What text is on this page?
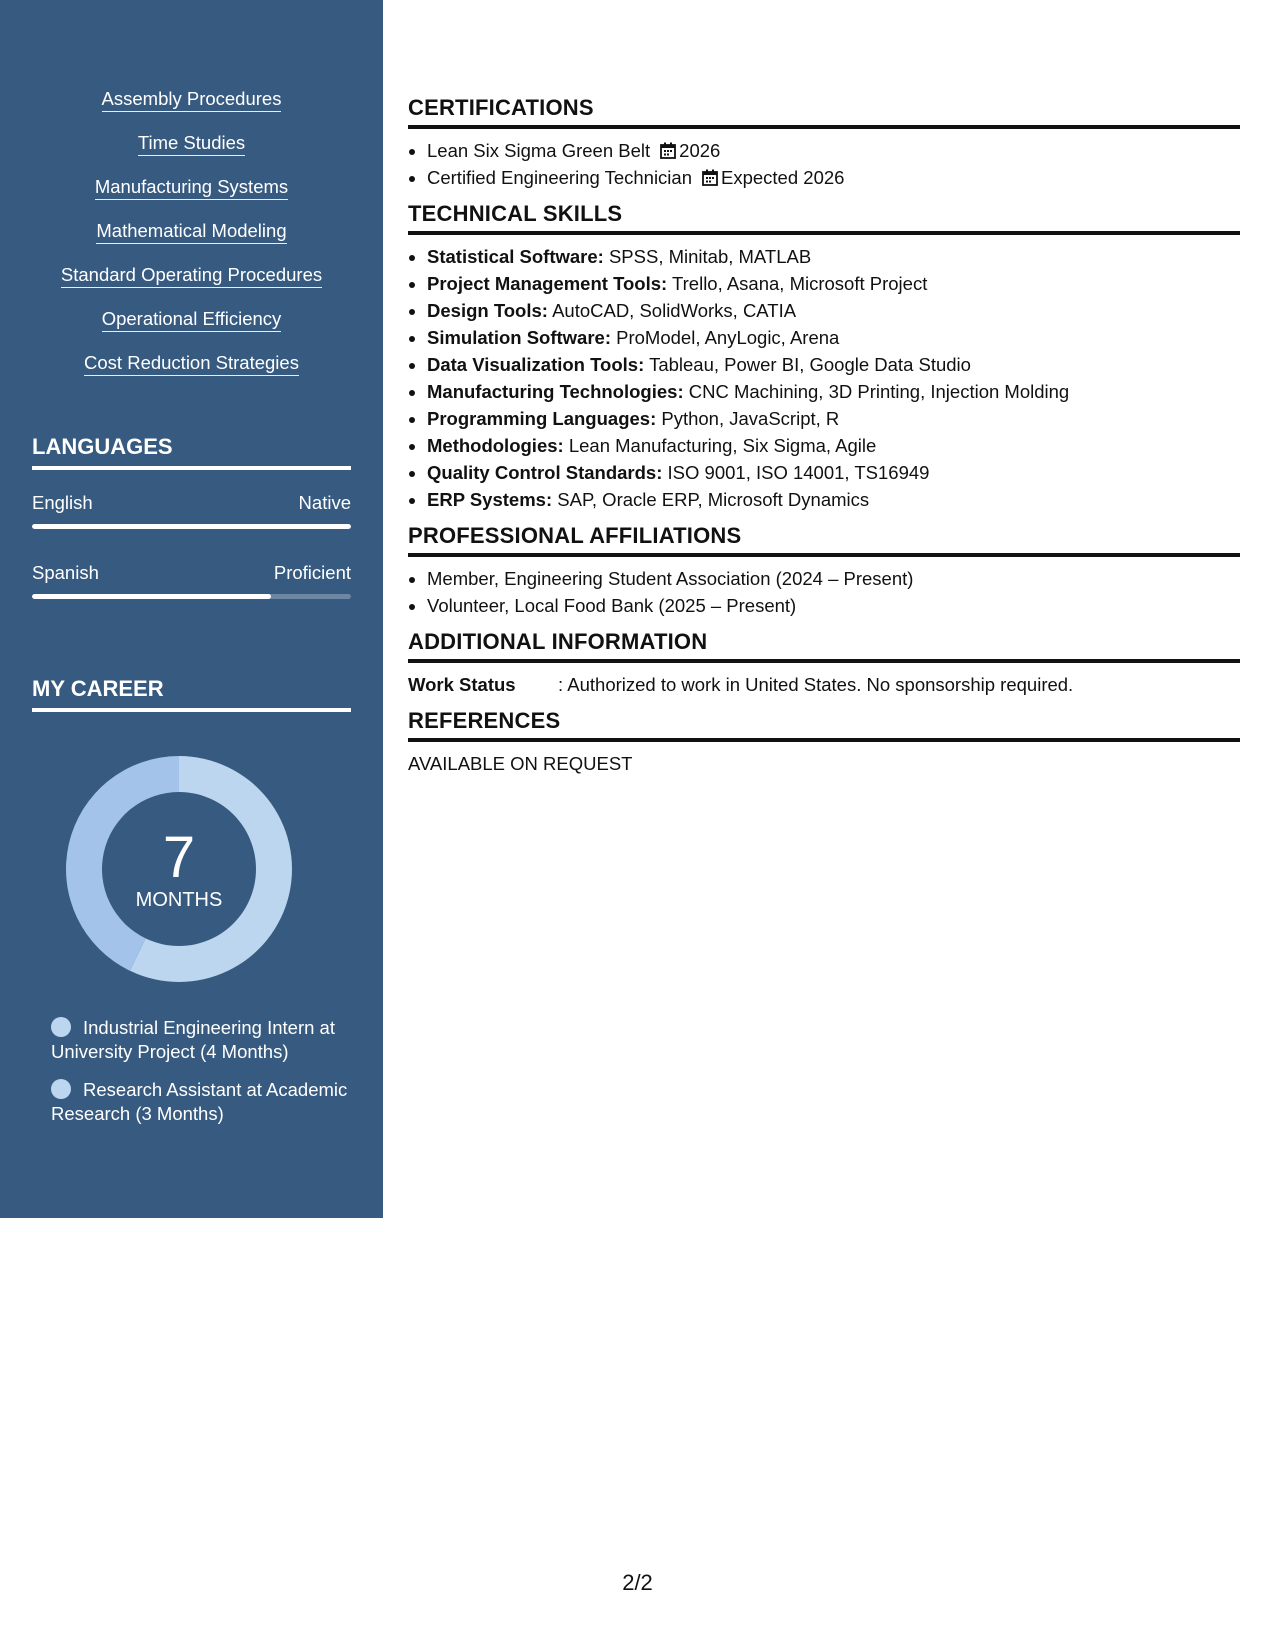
Assembly Procedures
Time Studies
Manufacturing Systems
Mathematical Modeling
Standard Operating Procedures
Operational Efficiency
Cost Reduction Strategies
LANGUAGES
English	Native
Spanish	Proficient
MY CAREER
7
MONTHS
Industrial Engineering Intern at University Project (4 Months)
Research Assistant at Academic Research (3 Months)
CERTIFICATIONS
• Lean Six Sigma Green Belt 2026
• Certified Engineering Technician Expected 2026
TECHNICAL SKILLS
• Statistical Software: SPSS, Minitab, MATLAB
• Project Management Tools: Trello, Asana, Microsoft Project
• Design Tools: AutoCAD, SolidWorks, CATIA
• Simulation Software: ProModel, AnyLogic, Arena
• Data Visualization Tools: Tableau, Power BI, Google Data Studio
• Manufacturing Technologies: CNC Machining, 3D Printing, Injection Molding
• Programming Languages: Python, JavaScript, R
• Methodologies: Lean Manufacturing, Six Sigma, Agile
• Quality Control Standards: ISO 9001, ISO 14001, TS16949
• ERP Systems: SAP, Oracle ERP, Microsoft Dynamics
PROFESSIONAL AFFILIATIONS
• Member, Engineering Student Association (2024 – Present)
• Volunteer, Local Food Bank (2025 – Present)
ADDITIONAL INFORMATION
Work Status : Authorized to work in United States. No sponsorship required.
REFERENCES
AVAILABLE ON REQUEST
2/2
